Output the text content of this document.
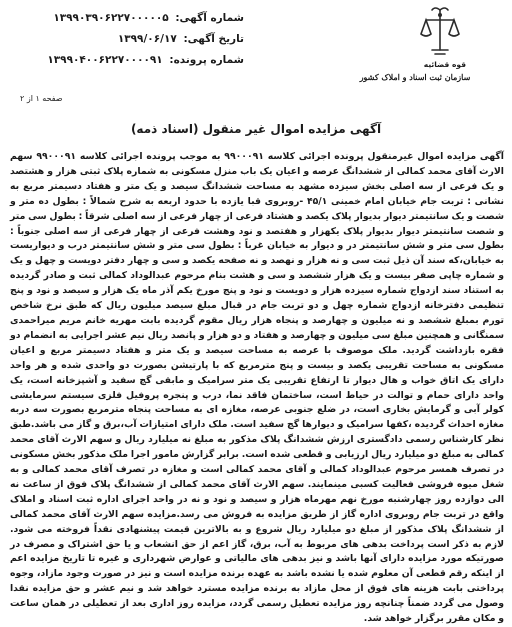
شماره آگهی: ۱۳۹۹۰۳۹۰۶۲۲۷۰۰۰۰۰۵
تاریخ آگهی: ۱۳۹۹/۰۶/۱۷
شماره پرونده: ۱۳۹۹۰۴۰۰۶۲۲۷۰۰۰۰۹۱	قوه قضائیه
سازمان ثبت اسناد و املاک کشور
صفحه ۱ از ۲
آگهی مزایده اموال غیر منقول (اسناد ذمه)

آگهی مزایده اموال غیرمنقول پرونده اجرائی کلاسه ۹۹۰۰۰۹۱ به موجب پرونده اجرائی کلاسه ۹۹۰۰۰۹۱ سهم الارث آقای محمد کمالی از ششدانگ عرصه و اعیان یک باب منزل مسکونی به شماره پلاک ثبتی هزار و هشتصد و یک فرعی از سه اصلی بخش سیزده مشهد به مساحت ششدانگ سیصد و یک متر و هفتاد دسیمتر مربع به نشانی : تربت جام خیابان امام خمینی ۴۵/۱ -روبروی قبا یازده با حدود اربعه به شرح شمالاً : بطول ده متر و شصت و یک سانتیمتر دیوار بدیوار پلاک یکصد و هشتاد فرعی از چهار فرعی از سه اصلی شرقاً : بطول سی متر و شصت سانتیمتر دیوار بدیوار پلاک یکهزار و هفتصد و نود وهشت فرعی از چهار فرعی از سه اصلی جنوباً : بطول سی متر و شش سانتیمتر در و دیوار به خیابان غرباً : بطول سی متر و شش سانتیمتر درب و دیواریست به خیابان،که سند آن ذیل ثبت سی و نه هزار و نهصد و نه صفحه یکصد و سی و چهار دفتر دویست و چهل و یک و شماره چاپی صفر بیست و یک هزار ششصد و سی و هشت بنام مرحوم عبدالوداد کمالی ثبت و صادر گردیده به استناد سند ازدواج شماره سیزده هزار و دویست و نود و پنج مورخ یکم آذر ماه یک هزار و سیصد و نود و پنج تنظیمی دفترخانه ازدواج شماره چهل و دو تربت جام در قبال مبلغ سیصد میلیون ریال که طبق نرخ شاخص تورم بمبلغ ششصد و نه میلیون و چهارصد و پنجاه هزار ریال مقوم گردیده بابت مهریه خانم مریم میراحمدی سمنگانی و همچنین مبلغ سی میلیون و چهارصد و هفتاد و دو هزار و پانصد ریال نیم عشر اجرایی به انضمام دو فقره بازداشت گردید. ملک موصوف با عرصه به مساحت سیصد و یک متر و هفتاد دسیمتر مربع و اعیان مسکونی به مساحت تقریبی یکصد و بیست و پنج مترمربع که با پارتیشن بصورت دو واحدی شده و هر واحد دارای یک اتاق خواب و هال دیوار تا ارتفاع تقریبی یک متر سرامیک و مابقی گچ سفید و آشپزخانه است، یک واحد دارای حمام و توالت در حیاط است، ساختمان فاقد نما، درب و پنجره پروفیل فلزی سیستم سرمایشی کولر آبی و گرمایش بخاری است، در ضلع جنوبی عرصه، مغازه ای به مساحت پنجاه مترمربع بصورت سه دربه مغازه احداث گردیده ،کفها سرامیک و دیوارها گچ سفید است. ملک دارای امتیازات آب،برق و گاز می باشد.طبق نظر کارشناس رسمی دادگستری ارزش ششدانگ پلاک مذکور به مبلغ نه میلیارد ریال و سهم الارث آقای محمد کمالی به مبلغ دو میلیارد ریال ارزیابی و قطعی شده است. برابر گزارش مامور اجرا ملک مذکور بخش مسکونی در تصرف همسر مرحوم عبدالوداد کمالی و آقای محمد کمالی است و مغازه در تصرف آقای محمد کمالی و به شغل میوه فروشی فعالیت کسبی مینمایند. سهم الارث آقای محمد کمالی از ششدانگ پلاک فوق از ساعت نه الی دوازده روز چهارشنبه مورخ نهم مهرماه هزار و سیصد و نود و نه در واحد اجرای اداره ثبت اسناد و املاک واقع در تربت جام روبروی اداره گاز از طریق مزایده به فروش می رسد.مزایده سهم الارث آقای محمد کمالی از ششدانگ پلاک مذکور از مبلغ دو میلیارد ریال شروع و به بالاترین قیمت پیشنهادی نقداً فروخته می شود. لازم به ذکر است پرداخت بدهی های مربوط به آب، برق، گاز اعم از حق انشعاب و یا حق اشتراک و مصرف در صورتیکه مورد مزایده دارای آنها باشد و نیز بدهی های مالیاتی و عوارض شهرداری و غیره تا تاریخ مزایده اعم از اینکه رقم قطعی آن معلوم شده یا نشده باشد به عهده برنده مزایده است و نیز در صورت وجود مازاد، وجوه پرداختی بابت هزینه های فوق از محل مازاد به برنده مزایده مسترد خواهد شد و نیم عشر و حق مزایده نقدا وصول می گردد ضمناً چنانچه روز مزایده تعطیل رسمی گردد، مزایده روز اداری بعد از تعطیلی در همان ساعت و مکان مقرر برگزار خواهد شد.
